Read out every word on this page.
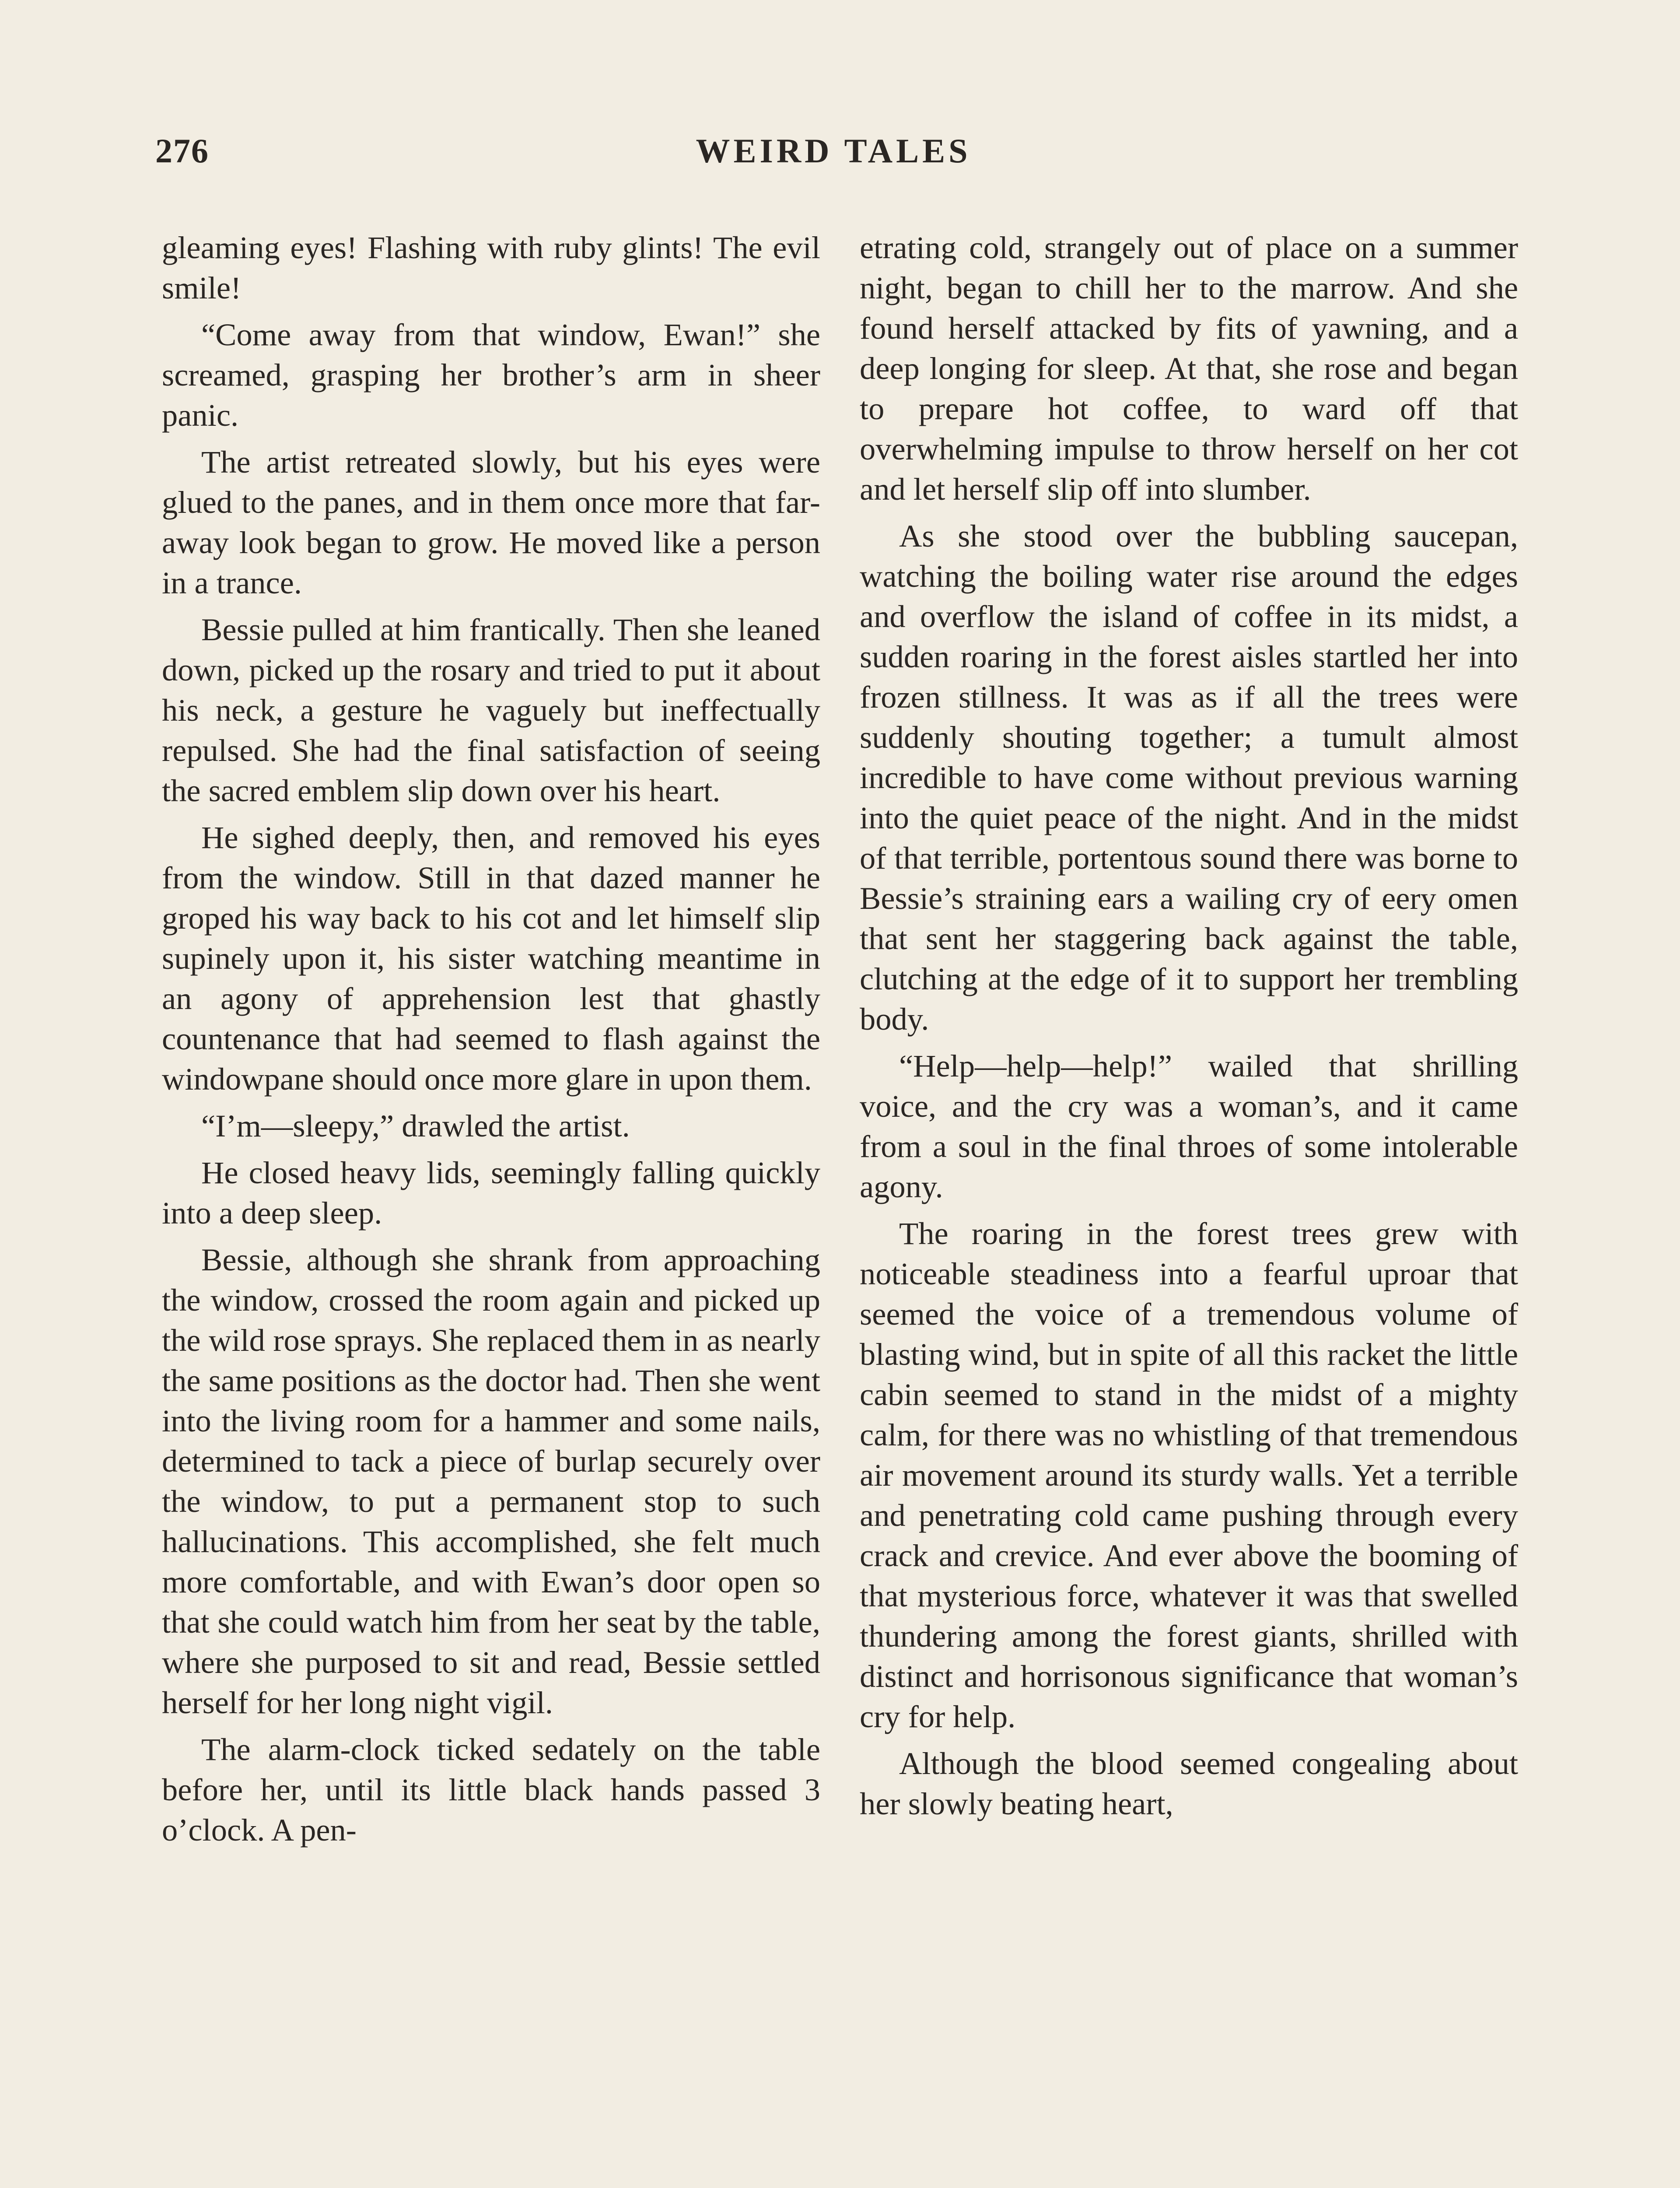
276	WEIRD TALES

gleaming eyes! Flashing with ruby glints! The evil smile!

“Come away from that window, Ewan!” she screamed, grasping her brother’s arm in sheer panic.

The artist retreated slowly, but his eyes were glued to the panes, and in them once more that far-away look began to grow. He moved like a person in a trance.

Bessie pulled at him frantically. Then she leaned down, picked up the rosary and tried to put it about his neck, a gesture he vaguely but ineffectually repulsed. She had the final satisfaction of seeing the sacred emblem slip down over his heart.

He sighed deeply, then, and removed his eyes from the window. Still in that dazed manner he groped his way back to his cot and let himself slip supinely upon it, his sister watching meantime in an agony of apprehension lest that ghastly countenance that had seemed to flash against the windowpane should once more glare in upon them.

“I’m—sleepy,” drawled the artist.

He closed heavy lids, seemingly falling quickly into a deep sleep.

Bessie, although she shrank from approaching the window, crossed the room again and picked up the wild rose sprays. She replaced them in as nearly the same positions as the doctor had. Then she went into the living room for a hammer and some nails, determined to tack a piece of burlap securely over the window, to put a permanent stop to such hallucinations. This accomplished, she felt much more comfortable, and with Ewan’s door open so that she could watch him from her seat by the table, where she purposed to sit and read, Bessie settled herself for her long night vigil.

The alarm-clock ticked sedately on the table before her, until its little black hands passed 3 o’clock. A pen-

etrating cold, strangely out of place on a summer night, began to chill her to the marrow. And she found herself attacked by fits of yawning, and a deep longing for sleep. At that, she rose and began to prepare hot coffee, to ward off that overwhelming impulse to throw herself on her cot and let herself slip off into slumber.

As she stood over the bubbling saucepan, watching the boiling water rise around the edges and overflow the island of coffee in its midst, a sudden roaring in the forest aisles startled her into frozen stillness. It was as if all the trees were suddenly shouting together; a tumult almost incredible to have come without previous warning into the quiet peace of the night. And in the midst of that terrible, portentous sound there was borne to Bessie’s straining ears a wailing cry of eery omen that sent her staggering back against the table, clutching at the edge of it to support her trembling body.

“Help—help—help!” wailed that shrilling voice, and the cry was a woman’s, and it came from a soul in the final throes of some intolerable agony.

The roaring in the forest trees grew with noticeable steadiness into a fearful uproar that seemed the voice of a tremendous volume of blasting wind, but in spite of all this racket the little cabin seemed to stand in the midst of a mighty calm, for there was no whistling of that tremendous air movement around its sturdy walls. Yet a terrible and penetrating cold came pushing through every crack and crevice. And ever above the booming of that mysterious force, whatever it was that swelled thundering among the forest giants, shrilled with distinct and horrisonous significance that woman’s cry for help.

Although the blood seemed congealing about her slowly beating heart,
